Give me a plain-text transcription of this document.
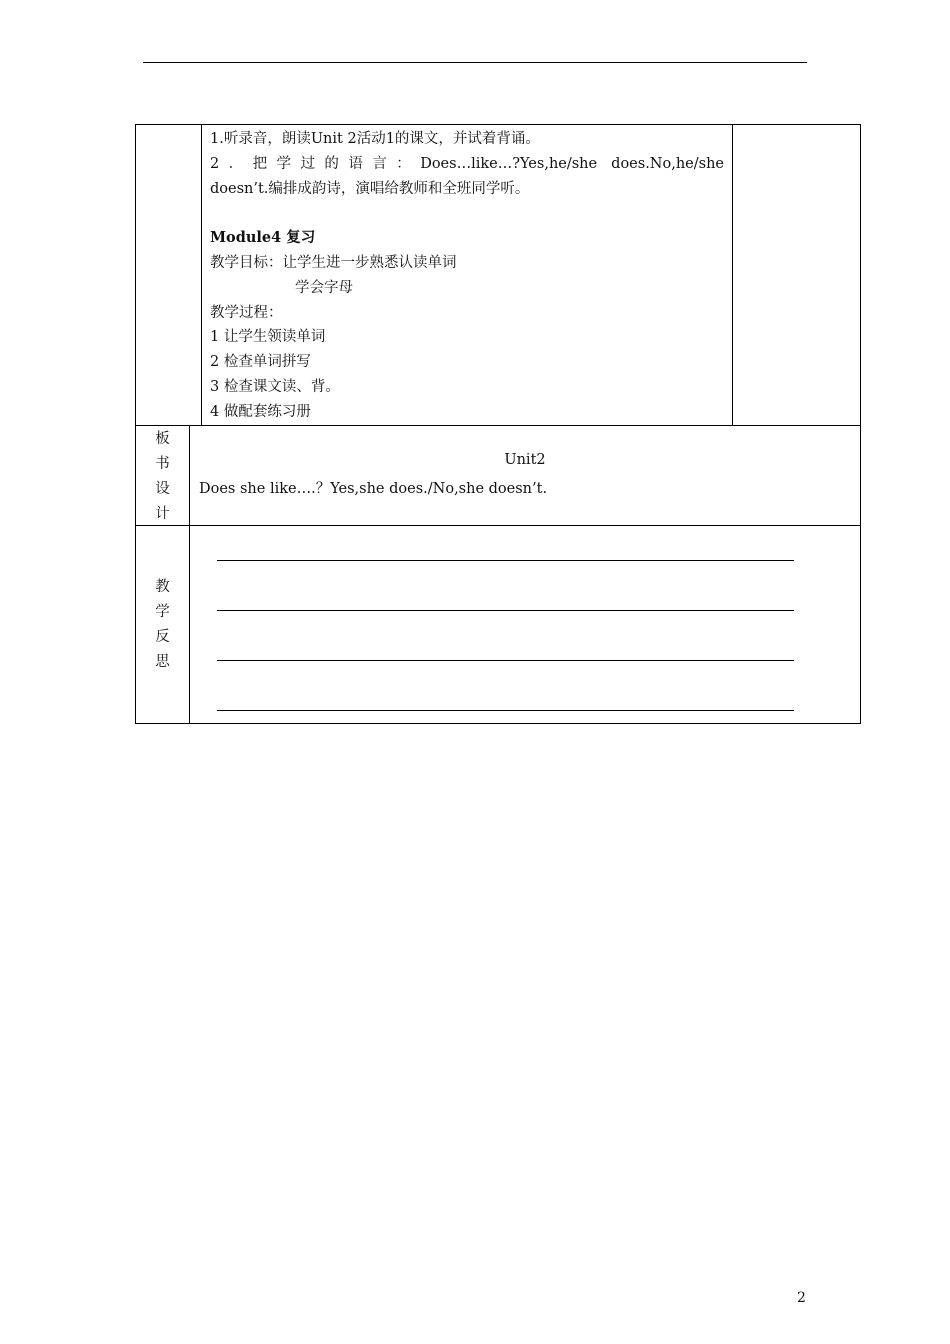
1.听录音，朗读Unit 2活动1的课文，并试着背诵。
2．把学过的语言：Does…like…?Yes,he/she does.No,he/she
doesn’t.编排成韵诗，演唱给教师和全班同学听。
Module4 复习
教学目标：让学生进一步熟悉认读单词
学会字母
教学过程：
1 让学生领读单词
2 检查单词拼写
3 检查课文读、背。
4 做配套练习册
板
书
设
计
Unit2
Does she like….？Yes,she does./No,she doesn’t.
教
学
反
思
2
